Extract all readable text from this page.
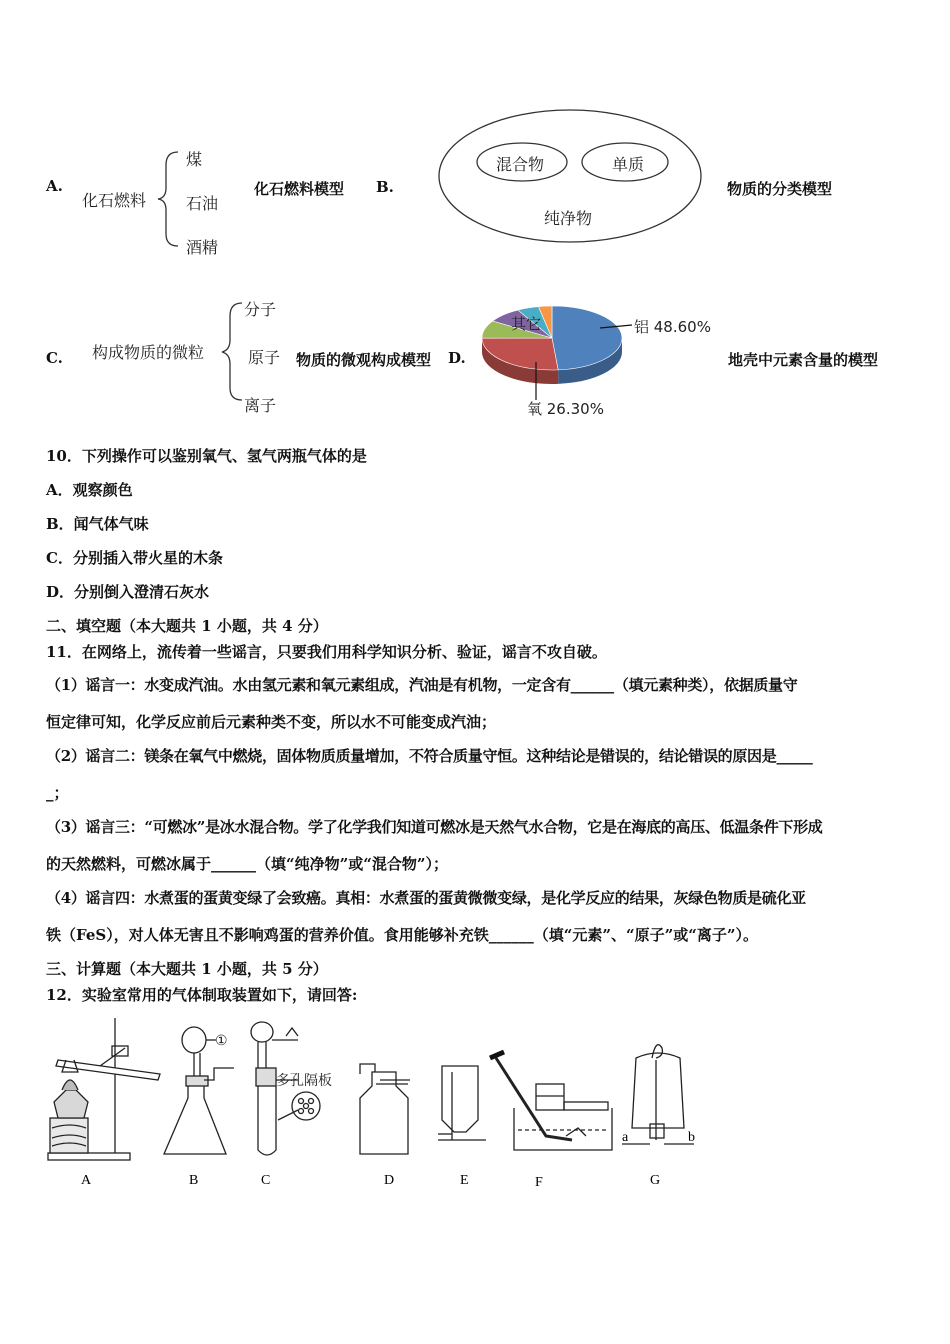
A.
化石燃料
煤
石油
酒精
化石燃料模型 B.
混合物	单质
纯净物
物质的分类模型
C. 构成物质的微粒
分子
原子
离子
物质的微观构成模型 D.
其它	铝 48.60%
氧 26.30%
地壳中元素含量的模型
10．下列操作可以鉴别氧气、氢气两瓶气体的是
A．观察颜色
B．闻气体气味
C．分别插入带火星的木条
D．分别倒入澄清石灰水
二、填空题（本大题共 1 小题，共 4 分）
11．在网络上，流传着一些谣言，只要我们用科学知识分析、验证，谣言不攻自破。
（1）谣言一：水变成汽油。水由氢元素和氧元素组成，汽油是有机物，一定含有______（填元素种类），依据质量守
恒定律可知，化学反应前后元素种类不变，所以水不可能变成汽油；
（2）谣言二：镁条在氧气中燃烧，固体物质质量增加，不符合质量守恒。这种结论是错误的，结论错误的原因是_____
_；
（3）谣言三：“可燃冰”是冰水混合物。学了化学我们知道可燃冰是天然气水合物，它是在海底的高压、低温条件下形成
的天然燃料，可燃冰属于______（填“纯净物”或“混合物”）；
（4）谣言四：水煮蛋的蛋黄变绿了会致癌。真相：水煮蛋的蛋黄微微变绿，是化学反应的结果，灰绿色物质是硫化亚
铁（FeS），对人体无害且不影响鸡蛋的营养价值。食用能够补充铁______（填“元素”、“原子”或“离子”）。
三、计算题（本大题共 1 小题，共 5 分）
12．实验室常用的气体制取装置如下，请回答:
①
多孔隔板
a	b
A	B	C	D	E	F	G
